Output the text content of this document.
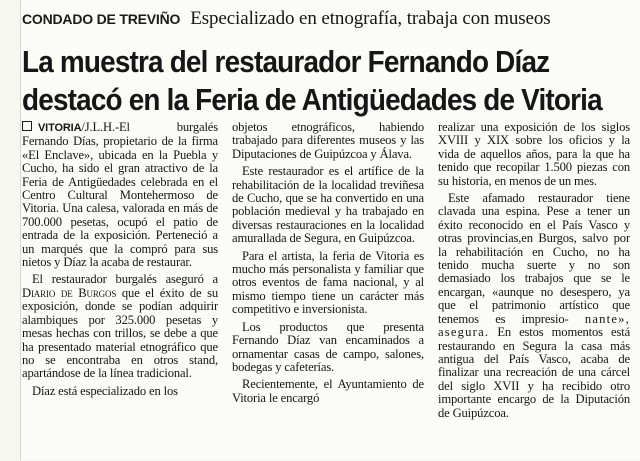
CONDADO DE TREVIÑO Especializado en etnografía, trabaja con museos
La muestra del restaurador Fernando Díaz
destacó en la Feria de Antigüedades de Vitoria

VITORIA/J.L.H.-El burgalés Fernando Días, propietario de la firma «El Enclave», ubicada en la Puebla y Cucho, ha sido el gran atractivo de la Feria de Antigüedades celebrada en el Centro Cultural Montehermoso de Vitoria. Una calesa, valorada en más de 700.000 pesetas, ocupó el patio de entrada de la exposición. Perteneció a un marqués que la compró para sus nietos y Díaz la acaba de restaurar.

El restaurador burgalés aseguró a Diario de Burgos que el éxito de su exposición, donde se podían adquirir alambiques por 325.000 pesetas y mesas hechas con trillos, se debe a que ha presentado material etnográfico que no se encontraba en otros stand, apartándose de la línea tradicional.

Díaz está especializado en los

objetos etnográficos, habiendo trabajado para diferentes museos y las Diputaciones de Guipúzcoa y Álava.

Este restaurador es el artífice de la rehabilitación de la localidad treviñesa de Cucho, que se ha convertido en una población medieval y ha trabajado en diversas restauraciones en la localidad amurallada de Segura, en Guipúzcoa.

Para el artista, la feria de Vitoria es mucho más personalista y familiar que otros eventos de fama nacional, y al mismo tiempo tiene un carácter más competitivo e inversionista.

Los productos que presenta Fernando Díaz van encaminados a ornamentar casas de campo, salones, bodegas y cafeterías.

Recientemente, el Ayuntamiento de Vitoria le encargó

realizar una exposición de los siglos XVIII y XIX sobre los oficios y la vida de aquellos años, para la que ha tenido que recopilar 1.500 piezas con su historia, en menos de un mes.

Este afamado restaurador tiene clavada una espina. Pese a tener un éxito reconocido en el País Vasco y otras provincias,en Burgos, salvo por la rehabilitación en Cucho, no ha tenido mucha suerte y no son demasiado los trabajos que se le encargan, «aunque no desespero, ya que el patrimonio artístico que tenemos es impresio- nante», asegura. En estos momentos está restaurando en Segura la casa más antigua del País Vasco, acaba de finalizar una recreación de una cárcel del siglo XVII y ha recibido otro importante encargo de la Diputación de Guipúzcoa.
